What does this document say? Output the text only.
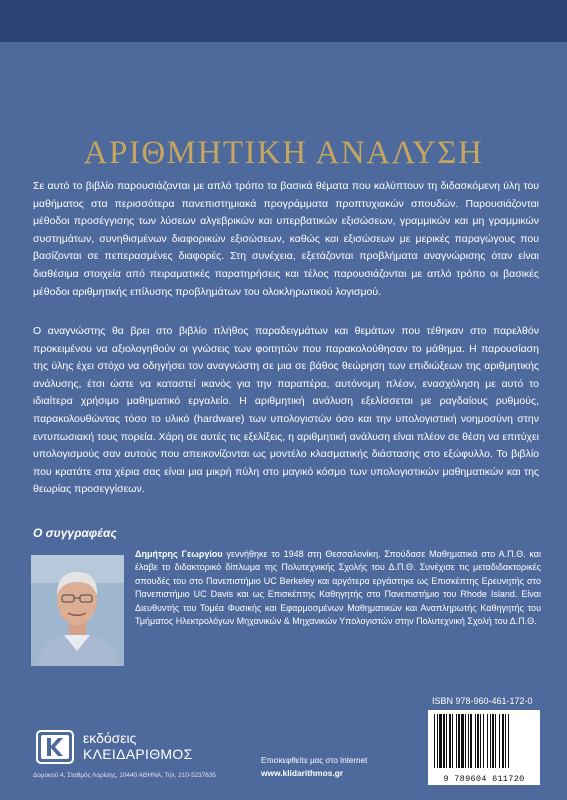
ΑΡΙΘΜΗΤΙΚΗ ΑΝΑΛΥΣΗ

Σε αυτό το βιβλίο παρουσιάζονται με απλό τρόπο τα βασικά θέματα που καλύπτουν τη διδασκόμενη ύλη του μαθήματος στα περισσότερα πανεπιστημιακά προγράμματα προπτυχιακών σπουδών. Παρουσιάζονται μέθοδοι προσέγγισης των λύσεων αλγεβρικών και υπερβατικών εξισώσεων, γραμμικών και μη γραμμικών συστημάτων, συνηθισμένων διαφορικών εξισώσεων, καθώς και εξισώσεων με μερικές παραγώγους που βασίζονται σε πεπερασμένες διαφορές. Στη συνέχεια, εξετάζονται προβλήματα αναγνώρισης όταν είναι διαθέσιμα στοιχεία από πειραματικές παρατηρήσεις και τέλος παρουσιάζονται με απλό τρόπο οι βασικές μέθοδοι αριθμητικής επίλυσης προβλημάτων του ολοκληρωτικού λογισμού.

Ο αναγνώστης θα βρει στο βιβλίο πλήθος παραδειγμάτων και θεμάτων που τέθηκαν στο παρελθόν προκειμένου να αξιολογηθούν οι γνώσεις των φοιτητών που παρακολούθησαν το μάθημα. Η παρουσίαση της ύλης έχει στόχο να οδηγήσει τον αναγνώστη σε μια σε βάθος θεώρηση των επιδιώξεων της αριθμητικής ανάλυσης, έτσι ώστε να καταστεί ικανός για την παραπέρα, αυτόνομη πλέον, ενασχόληση με αυτό το ιδιαίτερα χρήσιμο μαθηματικό εργαλείο. Η αριθμητική ανάλυση εξελίσσεται με ραγδαίους ρυθμούς, παρακολουθώντας τόσο το υλικό (hardware) των υπολογιστών όσο και την υπολογιστική νοημοσύνη στην εντυπωσιακή τους πορεία. Χάρη σε αυτές τις εξελίξεις, η αριθμητική ανάλυση είναι πλέον σε θέση να επιτύχει υπολογισμούς σαν αυτούς που απεικονίζονται ως μοντέλο κλασματικής διάστασης στο εξώφυλλο. Το βιβλίο που κρατάτε στα χέρια σας είναι μια μικρή πύλη στο μαγικό κόσμο των υπολογιστικών μαθηματικών και της θεωρίας προσεγγίσεων.

Ο συγγραφέας

Δημήτρης Γεωργίου γεννήθηκε το 1948 στη Θεσσαλονίκη. Σπούδασε Μαθηματικά στο Α.Π.Θ. και έλαβε το διδακτορικό δίπλωμα της Πολυτεχνικής Σχολής του Δ.Π.Θ. Συνέχισε τις μεταδιδακτορικές σπουδές του στο Πανεπιστήμιο UC Berkeley και αργότερα εργάστηκε ως Επισκέπτης Ερευνητής στο Πανεπιστήμιο UC Davis και ως Επισκέπτης Καθηγητής στο Πανεπιστήμιο του Rhode Island. Είναι Διευθυντής του Τομέα Φυσικής και Εφαρμοσμένων Μαθηματικών και Αναπληρωτής Καθηγητής του Τμήματος Ηλεκτρολόγων Μηχανικών & Μηχανικών Υπολογιστών στην Πολυτεχνική Σχολή του Δ.Π.Θ.

ISBN 978-960-461-172-0
9 789604 611720
εκδόσεις
ΚΛΕΙΔΑΡΙΘΜΟΣ
Δομοκού 4, Σταθμός Λαρίσης, 10440 ΑΘΗΝΑ, Τηλ. 210-5237635
Επισκεφθείτε μας στο Internet
www.klidarithmos.gr
